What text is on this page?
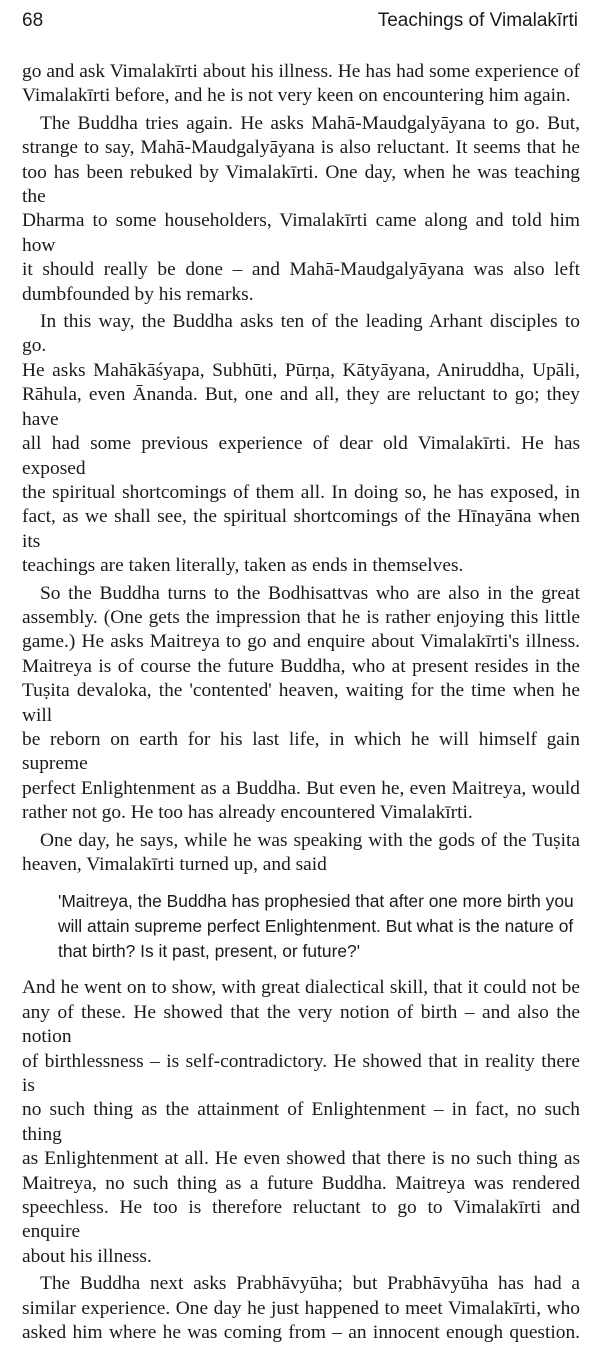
68	Teachings of Vimalakīrti

go and ask Vimalakīrti about his illness. He has had some experience of
Vimalakīrti before, and he is not very keen on encountering him again.

The Buddha tries again. He asks Mahā-Maudgalyāyana to go. But,
strange to say, Mahā-Maudgalyāyana is also reluctant. It seems that he
too has been rebuked by Vimalakīrti. One day, when he was teaching the
Dharma to some householders, Vimalakīrti came along and told him how
it should really be done – and Mahā-Maudgalyāyana was also left
dumbfounded by his remarks.

In this way, the Buddha asks ten of the leading Arhant disciples to go.
He asks Mahākāśyapa, Subhūti, Pūrṇa, Kātyāyana, Aniruddha, Upāli,
Rāhula, even Ānanda. But, one and all, they are reluctant to go; they have
all had some previous experience of dear old Vimalakīrti. He has exposed
the spiritual shortcomings of them all. In doing so, he has exposed, in
fact, as we shall see, the spiritual shortcomings of the Hīnayāna when its
teachings are taken literally, taken as ends in themselves.

So the Buddha turns to the Bodhisattvas who are also in the great
assembly. (One gets the impression that he is rather enjoying this little
game.) He asks Maitreya to go and enquire about Vimalakīrti's illness.
Maitreya is of course the future Buddha, who at present resides in the
Tuṣita devaloka, the 'contented' heaven, waiting for the time when he will
be reborn on earth for his last life, in which he will himself gain supreme
perfect Enlightenment as a Buddha. But even he, even Maitreya, would
rather not go. He too has already encountered Vimalakīrti.

One day, he says, while he was speaking with the gods of the Tuṣita
heaven, Vimalakīrti turned up, and said

'Maitreya, the Buddha has prophesied that after one more birth you
will attain supreme perfect Enlightenment. But what is the nature of
that birth? Is it past, present, or future?'

And he went on to show, with great dialectical skill, that it could not be
any of these. He showed that the very notion of birth – and also the notion
of birthlessness – is self-contradictory. He showed that in reality there is
no such thing as the attainment of Enlightenment – in fact, no such thing
as Enlightenment at all. He even showed that there is no such thing as
Maitreya, no such thing as a future Buddha. Maitreya was rendered
speechless. He too is therefore reluctant to go to Vimalakīrti and enquire
about his illness.

The Buddha next asks Prabhāvyūha; but Prabhāvyūha has had a
similar experience. One day he just happened to meet Vimalakīrti, who
asked him where he was coming from – an innocent enough question.
